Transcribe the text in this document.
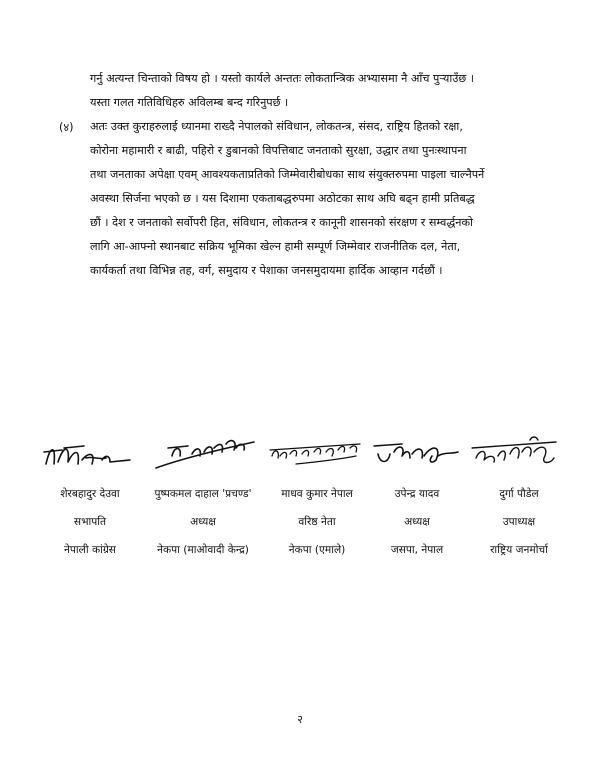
गर्नु अत्यन्त चिन्ताको विषय हो । यस्तो कार्यले अन्ततः लोकतान्त्रिक अभ्यासमा नै आँच पुऱ्याउँछ ।
यस्ता गलत गतिविधिहरु अविलम्ब बन्द गरिनुपर्छ ।
(४) अतः उक्त कुराहरुलाई ध्यानमा राख्दै नेपालको संविधान, लोकतन्त्र, संसद, राष्ट्रिय हितको रक्षा,
कोरोना महामारी र बाढी, पहिरो र डुबानको विपत्तिबाट जनताको सुरक्षा, उद्धार तथा पुनःस्थापना
तथा जनताका अपेक्षा एवम् आवश्यकताप्रतिको जिम्मेवारीबोधका साथ संयुक्तरुपमा पाइला चाल्नैपर्ने
अवस्था सिर्जना भएको छ । यस दिशामा एकताबद्धरुपमा अठोटका साथ अघि बढ्न हामी प्रतिबद्ध
छौं । देश र जनताको सर्वोपरी हित, संविधान, लोकतन्त्र र कानूनी शासनको संरक्षण र सम्वर्द्धनको
लागि आ-आफ्नो स्थानबाट सक्रिय भूमिका खेल्न हामी सम्पूर्ण जिम्मेवार राजनीतिक दल, नेता,
कार्यकर्ता तथा विभिन्न तह, वर्ग, समुदाय र पेशाका जनसमुदायमा हार्दिक आव्हान गर्दछौं ।
शेरबहादुर देउवा	पुष्पकमल दाहाल 'प्रचण्ड'	माधव कुमार नेपाल	उपेन्द्र यादव	दुर्गा पौडेल
सभापति	अध्यक्ष	वरिष्ठ नेता	अध्यक्ष	उपाध्यक्ष
नेपाली कांग्रेस	नेकपा (माओवादी केन्द्र)	नेकपा (एमाले)	जसपा, नेपाल	राष्ट्रिय जनमोर्चा
२
